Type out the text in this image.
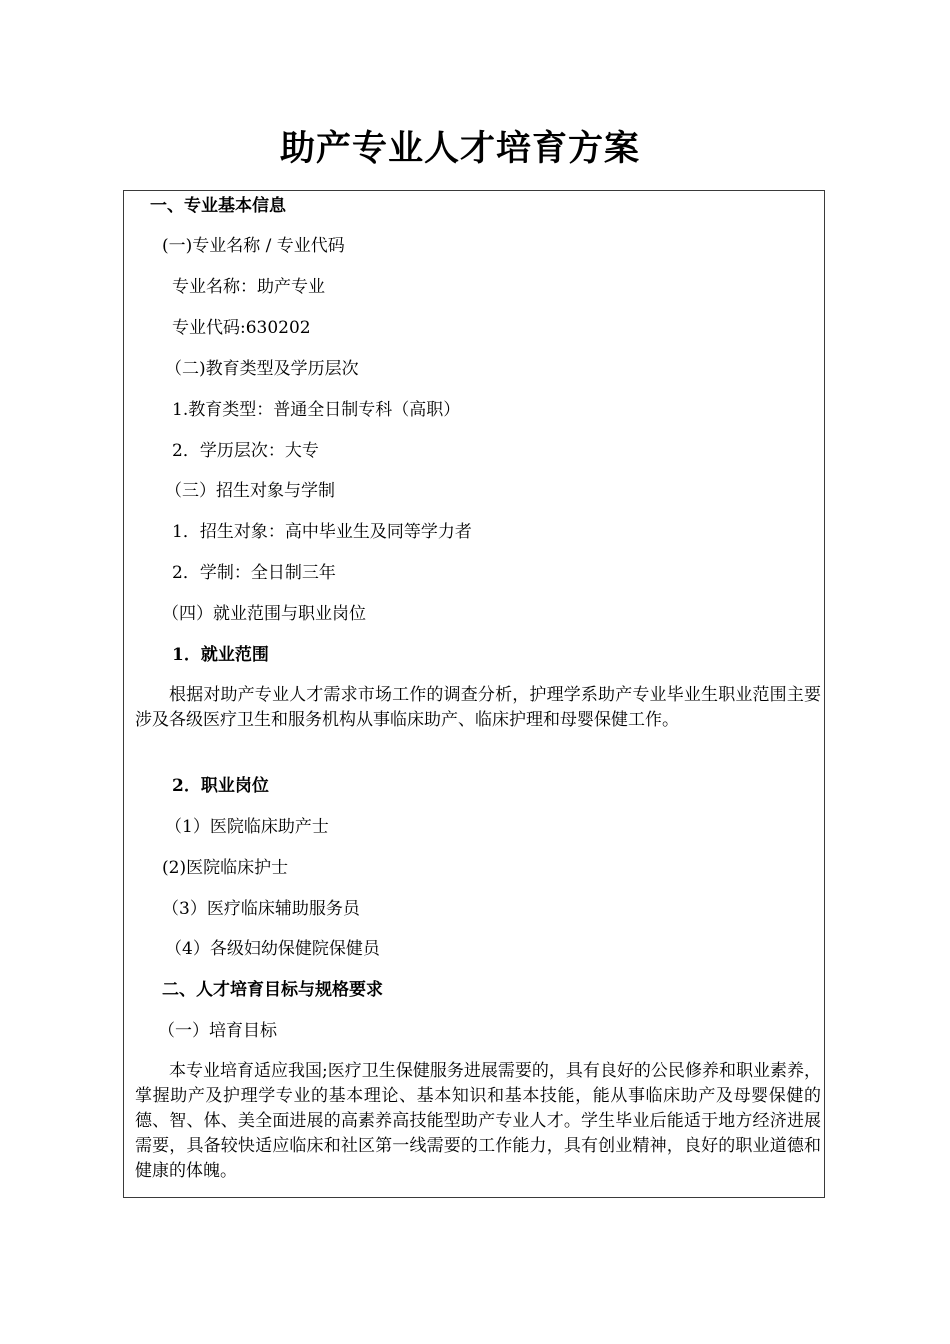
助产专业人才培育方案
一、专业基本信息
(一)专业名称 / 专业代码
专业名称：助产专业
专业代码:630202
（二)教育类型及学历层次
1.教育类型：普通全日制专科（高职）
2．学历层次：大专
（三）招生对象与学制
1．招生对象：高中毕业生及同等学力者
2．学制：全日制三年
（四）就业范围与职业岗位
1．就业范围
根据对助产专业人才需求市场工作的调查分析，护理学系助产专业毕业生职业范围主要涉及各级医疗卫生和服务机构从事临床助产、临床护理和母婴保健工作。
2．职业岗位
（1）医院临床助产士
(2)医院临床护士
（3）医疗临床辅助服务员
（4）各级妇幼保健院保健员
二、人才培育目标与规格要求
（一）培育目标
本专业培育适应我国;医疗卫生保健服务进展需要的，具有良好的公民修养和职业素养，掌握助产及护理学专业的基本理论、基本知识和基本技能，能从事临床助产及母婴保健的德、智、体、美全面进展的高素养高技能型助产专业人才。学生毕业后能适于地方经济进展需要，具备较快适应临床和社区第一线需要的工作能力，具有创业精神，良好的职业道德和健康的体魄。
